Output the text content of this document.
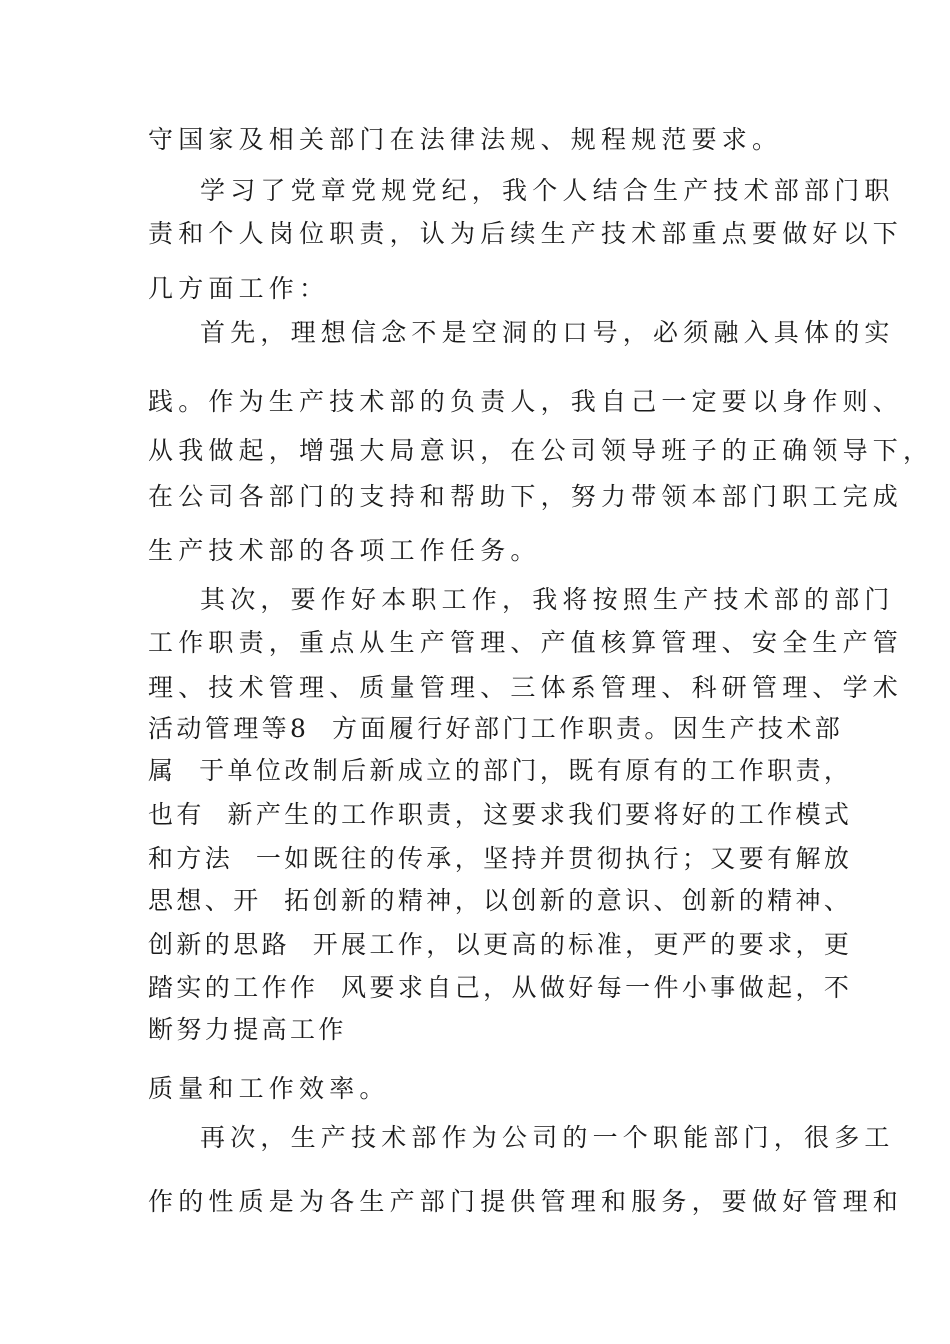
守国家及相关部门在法律法规、规程规范要求。
学习了党章党规党纪，我个人结合生产技术部部门职
责和个人岗位职责，认为后续生产技术部重点要做好以下
几方面工作：
首先，理想信念不是空洞的口号，必须融入具体的实
践。作为生产技术部的负责人，我自己一定要以身作则、
从我做起，增强大局意识，在公司领导班子的正确领导下，
在公司各部门的支持和帮助下，努力带领本部门职工完成
生产技术部的各项工作任务。
其次，要作好本职工作，我将按照生产技术部的部门
工作职责，重点从生产管理、产值核算管理、安全生产管
理、技术管理、质量管理、三体系管理、科研管理、学术
活动管理等8  方面履行好部门工作职责。因生产技术部
属  于单位改制后新成立的部门，既有原有的工作职责，
也有  新产生的工作职责，这要求我们要将好的工作模式
和方法  一如既往的传承，坚持并贯彻执行；又要有解放
思想、开  拓创新的精神，以创新的意识、创新的精神、
创新的思路  开展工作，以更高的标准，更严的要求，更
踏实的工作作  风要求自己，从做好每一件小事做起，不
断努力提高工作
质量和工作效率。
再次，生产技术部作为公司的一个职能部门，很多工
作的性质是为各生产部门提供管理和服务，要做好管理和
